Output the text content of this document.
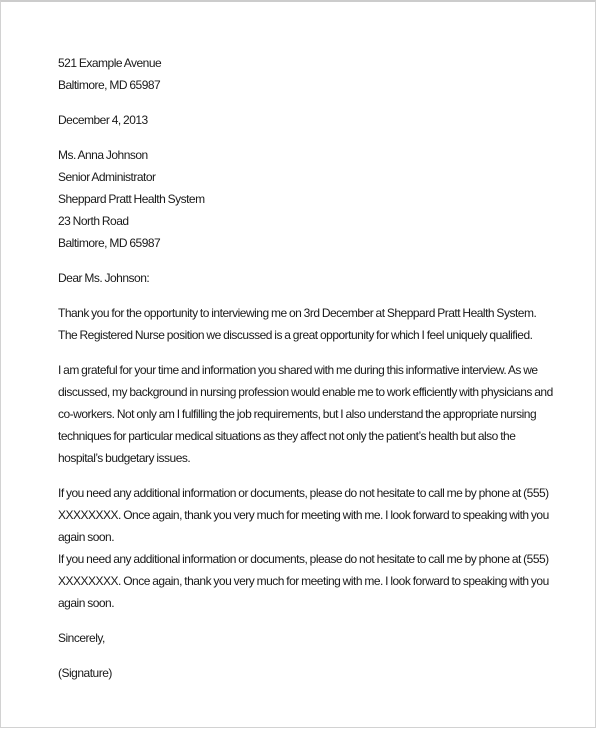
521 Example Avenue
Baltimore, MD 65987
December 4, 2013
Ms. Anna Johnson
Senior Administrator
Sheppard Pratt Health System
23 North Road
Baltimore, MD 65987
Dear Ms. Johnson:
Thank you for the opportunity to interviewing me on 3rd December at Sheppard Pratt Health System.
The Registered Nurse position we discussed is a great opportunity for which I feel uniquely qualified.
I am grateful for your time and information you shared with me during this informative interview. As we
discussed, my background in nursing profession would enable me to work efficiently with physicians and
co-workers. Not only am I fulfilling the job requirements, but I also understand the appropriate nursing
techniques for particular medical situations as they affect not only the patient’s health but also the
hospital’s budgetary issues.
If you need any additional information or documents, please do not hesitate to call me by phone at (555)
XXXXXXXX. Once again, thank you very much for meeting with me. I look forward to speaking with you
again soon.
If you need any additional information or documents, please do not hesitate to call me by phone at (555)
XXXXXXXX. Once again, thank you very much for meeting with me. I look forward to speaking with you
again soon.
Sincerely,
(Signature)
